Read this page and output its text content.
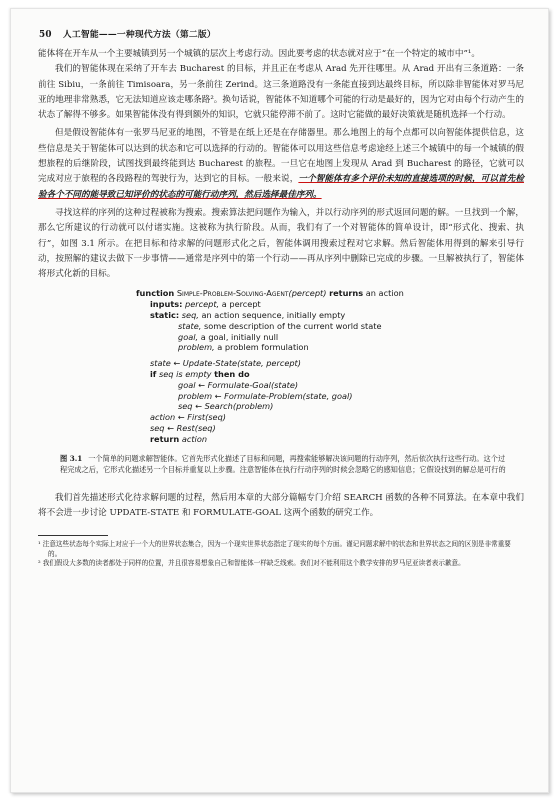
50 人工智能——一种现代方法（第二版）

能体将在开车从一个主要城镇到另一个城镇的层次上考虑行动。因此要考虑的状态就对应于“在一个特定的城市中”¹。

我们的智能体现在采纳了开车去 Bucharest 的目标，并且正在考虑从 Arad 先开往哪里。从 Arad 开出有三条道路：一条前往 Sibiu，一条前往 Timisoara，另一条前往 Zerind。这三条道路没有一条能直接到达最终目标，所以除非智能体对罗马尼亚的地理非常熟悉，它无法知道应该走哪条路²。换句话说，智能体不知道哪个可能的行动是最好的，因为它对由每个行动产生的状态了解得不够多。如果智能体没有得到额外的知识，它就只能停滞不前了。这时它能做的最好决策就是随机选择一个行动。

但是假设智能体有一张罗马尼亚的地图，不管是在纸上还是在存储器里。那么地图上的每个点都可以向智能体提供信息，这些信息是关于智能体可以达到的状态和它可以选择的行动的。智能体可以用这些信息考虑途经上述三个城镇中的每一个城镇的假想旅程的后继阶段，试图找到最终能到达 Bucharest 的旅程。一旦它在地图上发现从 Arad 到 Bucharest 的路径，它就可以完成对应于旅程的各段路程的驾驶行为，达到它的目标。一般来说，一个智能体有多个评价未知的直接选项的时候，可以首先检验各个不同的能导致已知评价的状态的可能行动序列，然后选择最佳序列。

寻找这样的序列的这种过程被称为搜索。搜索算法把问题作为输入，并以行动序列的形式返回问题的解。一旦找到一个解，那么它所建议的行动就可以付诸实施。这被称为执行阶段。从而，我们有了一个对智能体的简单设计，即“形式化、搜索、执行”，如图 3.1 所示。在把目标和待求解的问题形式化之后，智能体调用搜索过程对它求解。然后智能体用得到的解来引导行动，按照解的建议去做下一步事情——通常是序列中的第一个行动——再从序列中删除已完成的步骤。一旦解被执行了，智能体将形式化新的目标。

function Simple-Problem-Solving-Agent(percept) returns an action
inputs: percept, a percept
static: seq, an action sequence, initially empty
state, some description of the current world state
goal, a goal, initially null
problem, a problem formulation
state ← Update-State(state, percept)
if seq is empty then do
goal ← Formulate-Goal(state)
problem ← Formulate-Problem(state, goal)
seq ← Search(problem)
action ← First(seq)
seq ← Rest(seq)
return action
图 3.1 一个简单的问题求解智能体。它首先形式化描述了目标和问题，再搜索能够解决该问题的行动序列，然后依次执行这些行动。这个过程完成之后，它形式化描述另一个目标并重复以上步骤。注意智能体在执行行动序列的时候会忽略它的感知信息；它假设找到的解总是可行的

我们首先描述形式化待求解问题的过程，然后用本章的大部分篇幅专门介绍 SEARCH 函数的各种不同算法。在本章中我们将不会进一步讨论 UPDATE-STATE 和 FORMULATE-GOAL 这两个函数的研究工作。

¹ 注意这些状态每个实际上对应于一个大的世界状态集合，因为一个现实世界状态指定了现实的每个方面。谨记问题求解中的状态和世界状态之间的区别是非常重要的。
² 我们假设大多数的读者都处于同样的位置，并且很容易想象自己和智能体一样缺乏线索。我们对不能利用这个教学安排的罗马尼亚读者表示歉意。
